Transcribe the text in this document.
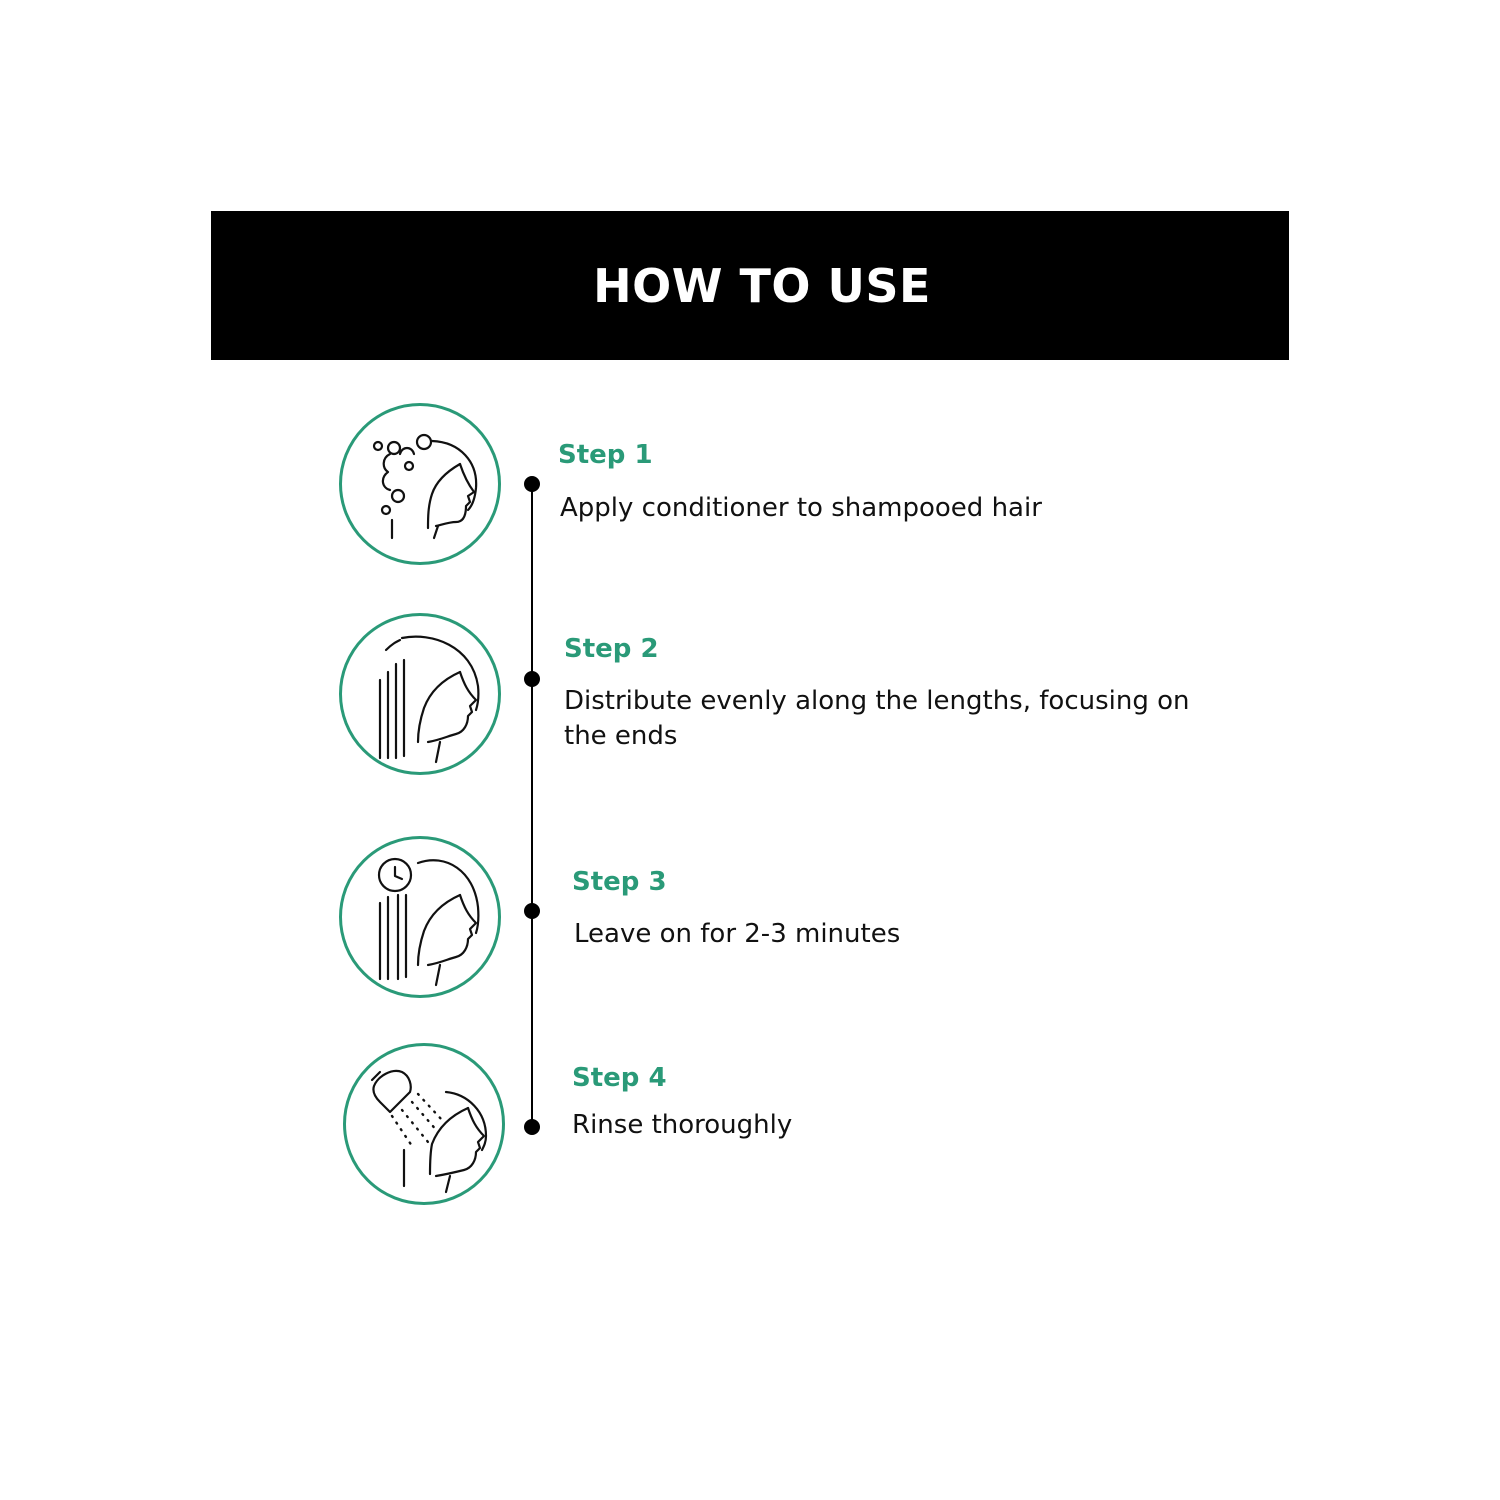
HOW TO USE
Step 1
Apply conditioner to shampooed hair
Step 2
Distribute evenly along the lengths, focusing on the ends
Step 3
Leave on for 2-3 minutes
Step 4
Rinse thoroughly
